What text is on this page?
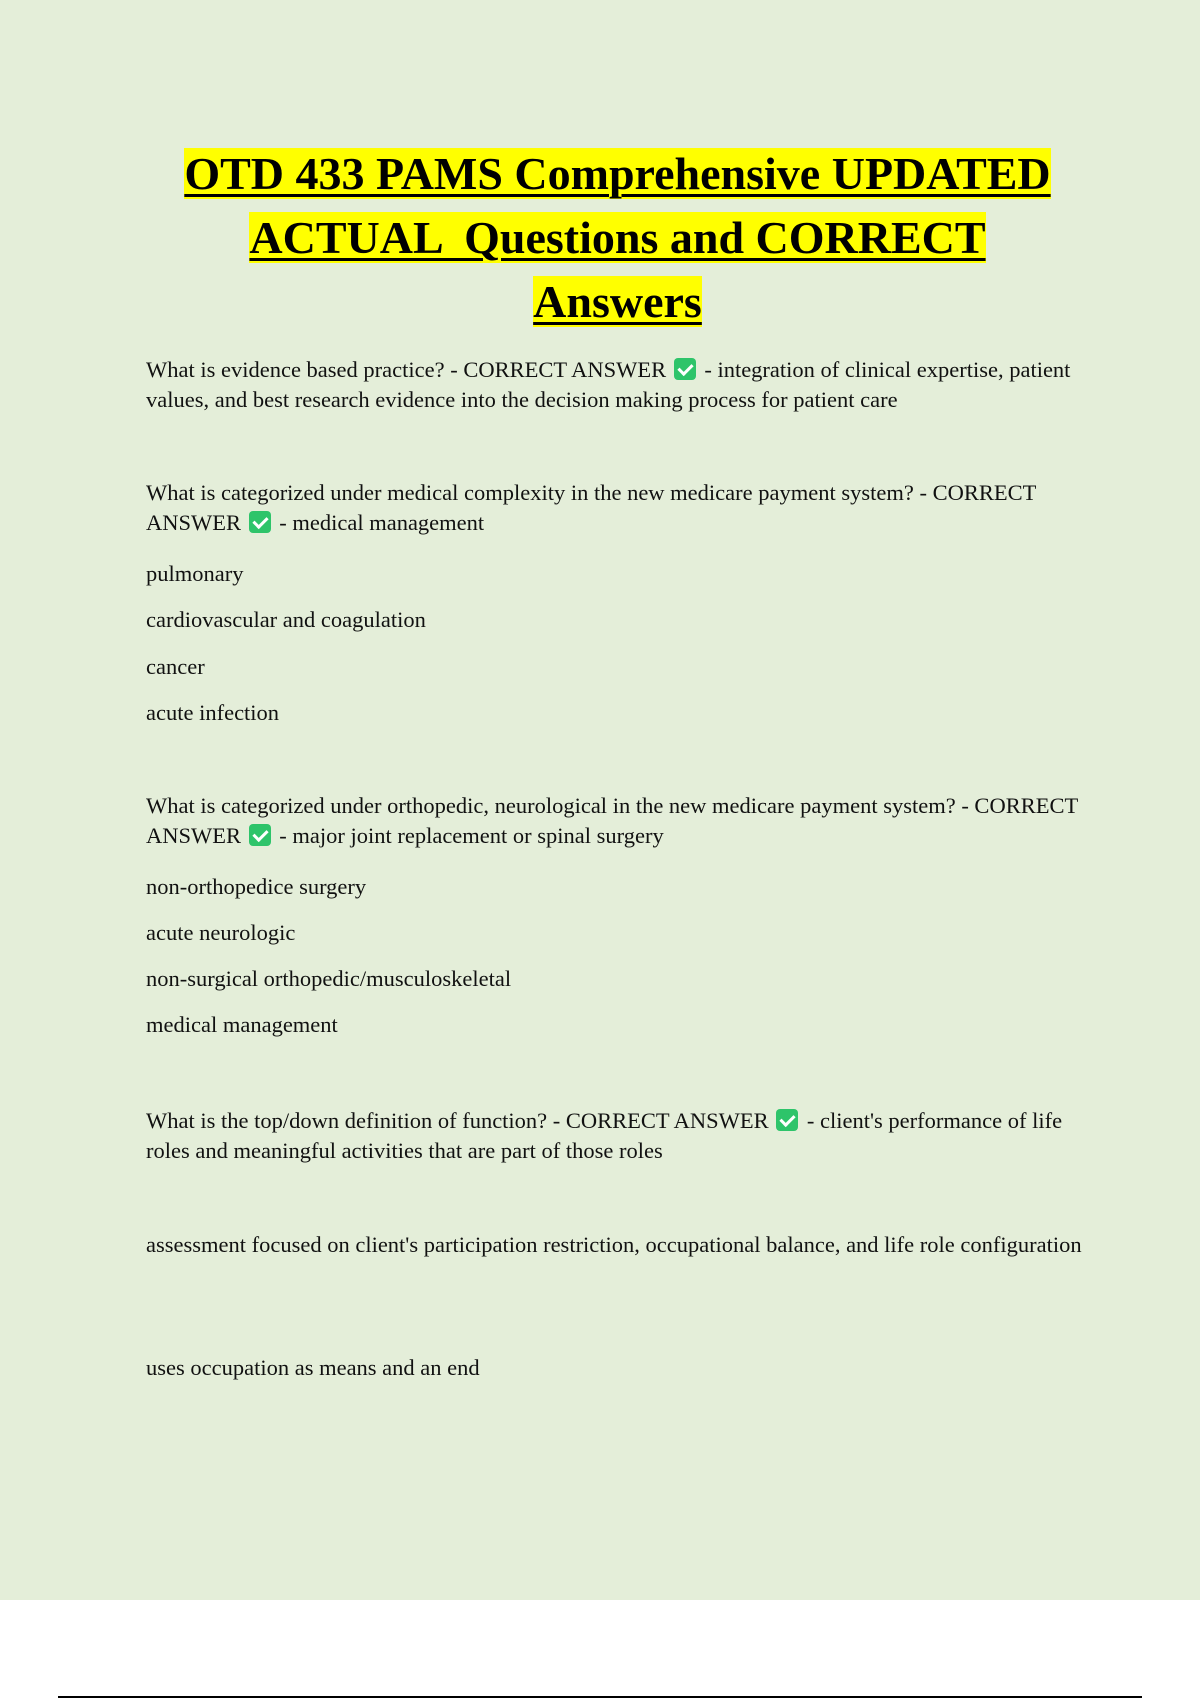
OTD 433 PAMS Comprehensive UPDATED
ACTUAL  Questions and CORRECT
Answers

What is evidence based practice? - CORRECT ANSWER - integration of clinical expertise, patient values, and best research evidence into the decision making process for patient care

What is categorized under medical complexity in the new medicare payment system? - CORRECT ANSWER - medical management

pulmonary

cardiovascular and coagulation

cancer

acute infection

What is categorized under orthopedic, neurological in the new medicare payment system? - CORRECT ANSWER - major joint replacement or spinal surgery

non-orthopedice surgery

acute neurologic

non-surgical orthopedic/musculoskeletal

medical management

What is the top/down definition of function? - CORRECT ANSWER - client's performance of life roles and meaningful activities that are part of those roles

assessment focused on client's participation restriction, occupational balance, and life role configuration

uses occupation as means and an end
